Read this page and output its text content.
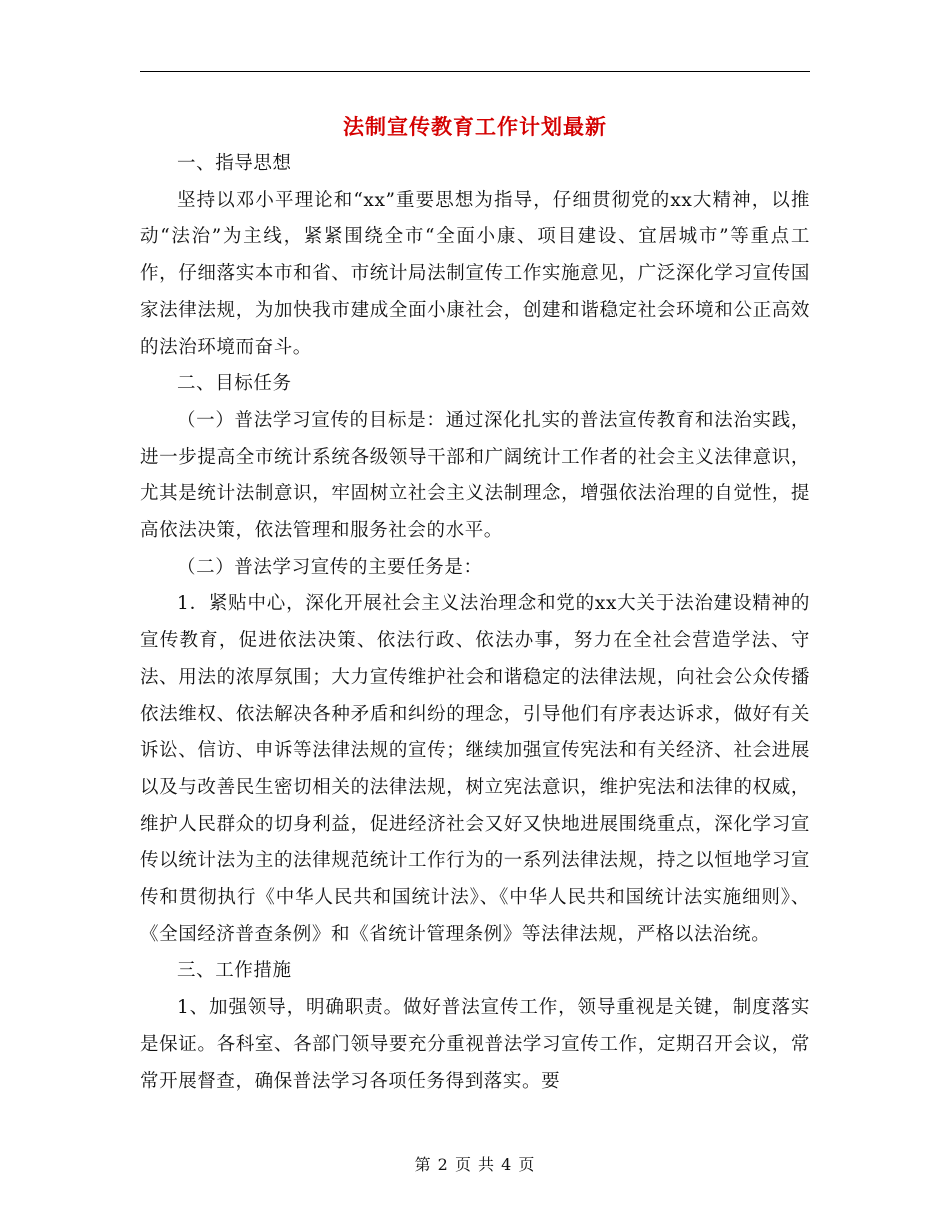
法制宣传教育工作计划最新

一、指导思想

坚持以邓小平理论和“xx”重要思想为指导，仔细贯彻党的xx大精神，以推动“法治”为主线，紧紧围绕全市“全面小康、项目建设、宜居城市”等重点工作，仔细落实本市和省、市统计局法制宣传工作实施意见，广泛深化学习宣传国家法律法规，为加快我市建成全面小康社会，创建和谐稳定社会环境和公正高效的法治环境而奋斗。

二、目标任务

（一）普法学习宣传的目标是：通过深化扎实的普法宣传教育和法治实践，进一步提高全市统计系统各级领导干部和广阔统计工作者的社会主义法律意识，尤其是统计法制意识，牢固树立社会主义法制理念，增强依法治理的自觉性，提高依法决策，依法管理和服务社会的水平。

（二）普法学习宣传的主要任务是：

1．紧贴中心，深化开展社会主义法治理念和党的xx大关于法治建设精神的宣传教育，促进依法决策、依法行政、依法办事，努力在全社会营造学法、守法、用法的浓厚氛围；大力宣传维护社会和谐稳定的法律法规，向社会公众传播依法维权、依法解决各种矛盾和纠纷的理念，引导他们有序表达诉求，做好有关诉讼、信访、申诉等法律法规的宣传；继续加强宣传宪法和有关经济、社会进展以及与改善民生密切相关的法律法规，树立宪法意识，维护宪法和法律的权威，维护人民群众的切身利益，促进经济社会又好又快地进展围绕重点，深化学习宣传以统计法为主的法律规范统计工作行为的一系列法律法规，持之以恒地学习宣传和贯彻执行《中华人民共和国统计法》、《中华人民共和国统计法实施细则》、《全国经济普查条例》和《省统计管理条例》等法律法规，严格以法治统。

三、工作措施

1、加强领导，明确职责。做好普法宣传工作，领导重视是关键，制度落实是保证。各科室、各部门领导要充分重视普法学习宣传工作，定期召开会议，常常开展督查，确保普法学习各项任务得到落实。要

第 2 页 共 4 页
